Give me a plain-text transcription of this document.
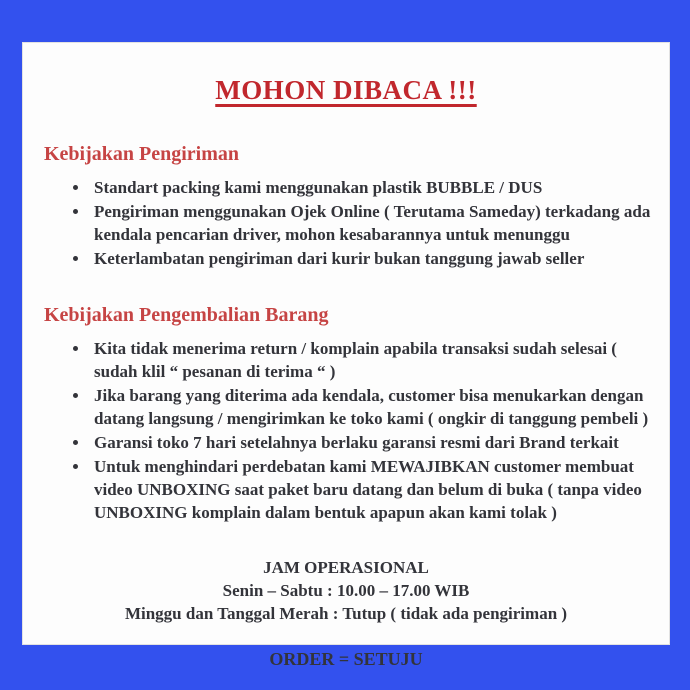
MOHON DIBACA !!!
Kebijakan Pengiriman
• Standart packing kami menggunakan plastik BUBBLE / DUS
• Pengiriman menggunakan Ojek Online ( Terutama Sameday) terkadang ada kendala pencarian driver, mohon kesabarannya untuk menunggu
• Keterlambatan pengiriman dari kurir bukan tanggung jawab seller
Kebijakan Pengembalian Barang
• Kita tidak menerima return / komplain apabila transaksi sudah selesai ( sudah klil “ pesanan di terima “ )
• Jika barang yang diterima ada kendala, customer bisa menukarkan dengan datang langsung / mengirimkan ke toko kami ( ongkir di tanggung pembeli )
• Garansi toko 7 hari setelahnya berlaku garansi resmi dari Brand terkait
• Untuk menghindari perdebatan kami MEWAJIBKAN customer membuat video UNBOXING saat paket baru datang dan belum di buka ( tanpa video UNBOXING komplain dalam bentuk apapun akan kami tolak )
JAM OPERASIONAL
Senin – Sabtu : 10.00 – 17.00 WIB
Minggu dan Tanggal Merah : Tutup ( tidak ada pengiriman )
ORDER = SETUJU
